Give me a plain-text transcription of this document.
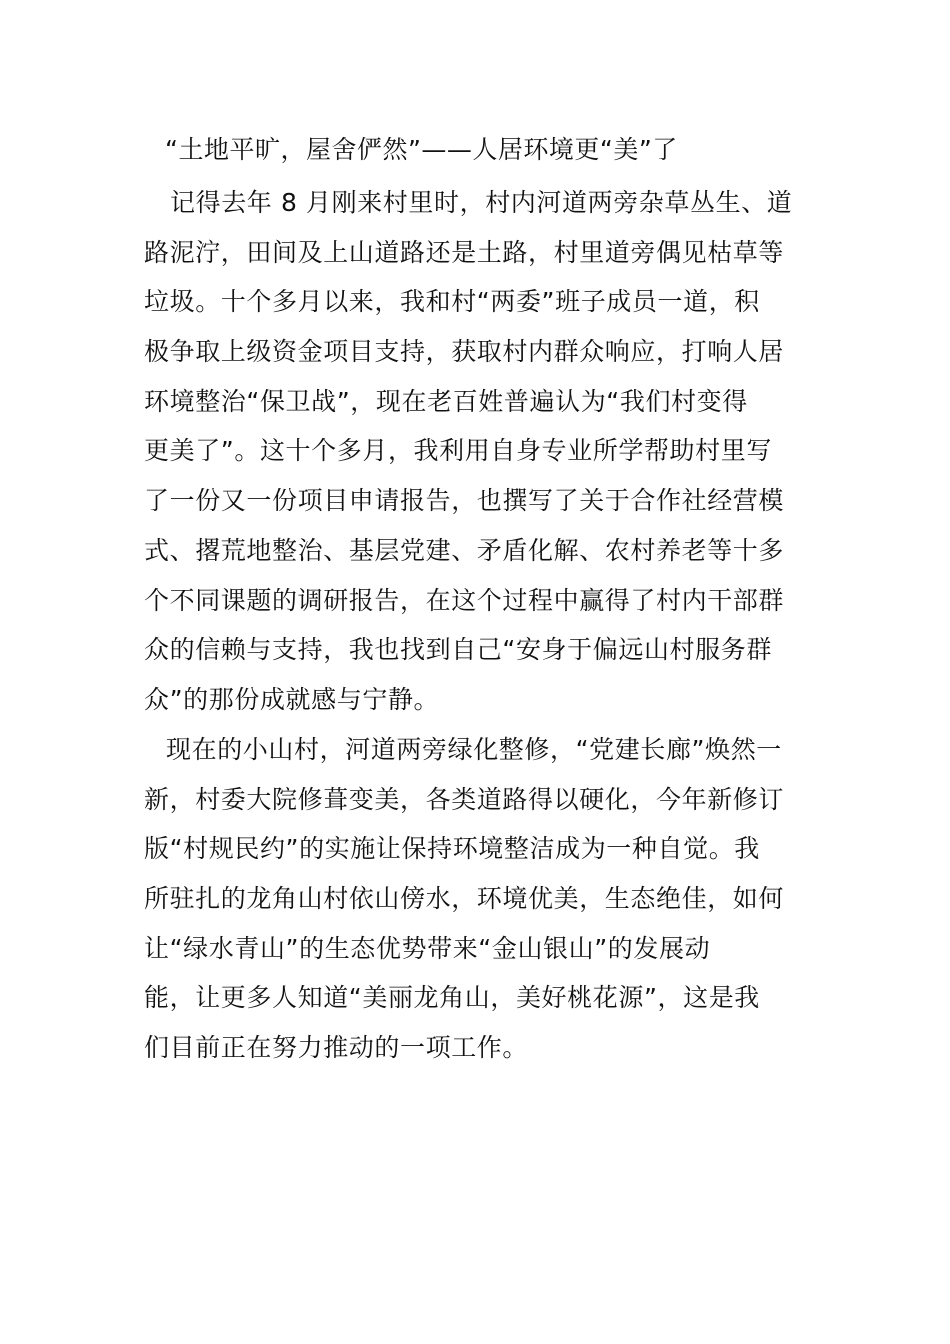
“土地平旷，屋舍俨然”——人居环境更“美”了
记得去年 8 月刚来村里时，村内河道两旁杂草丛生、道
路泥泞，田间及上山道路还是土路，村里道旁偶见枯草等
垃圾。十个多月以来，我和村“两委”班子成员一道，积
极争取上级资金项目支持，获取村内群众响应，打响人居
环境整治“保卫战”，现在老百姓普遍认为“我们村变得
更美了”。这十个多月，我利用自身专业所学帮助村里写
了一份又一份项目申请报告，也撰写了关于合作社经营模
式、撂荒地整治、基层党建、矛盾化解、农村养老等十多
个不同课题的调研报告，在这个过程中赢得了村内干部群
众的信赖与支持，我也找到自己“安身于偏远山村服务群
众”的那份成就感与宁静。
现在的小山村，河道两旁绿化整修，“党建长廊”焕然一
新，村委大院修葺变美，各类道路得以硬化，今年新修订
版“村规民约”的实施让保持环境整洁成为一种自觉。我
所驻扎的龙角山村依山傍水，环境优美，生态绝佳，如何
让“绿水青山”的生态优势带来“金山银山”的发展动
能，让更多人知道“美丽龙角山，美好桃花源”，这是我
们目前正在努力推动的一项工作。
